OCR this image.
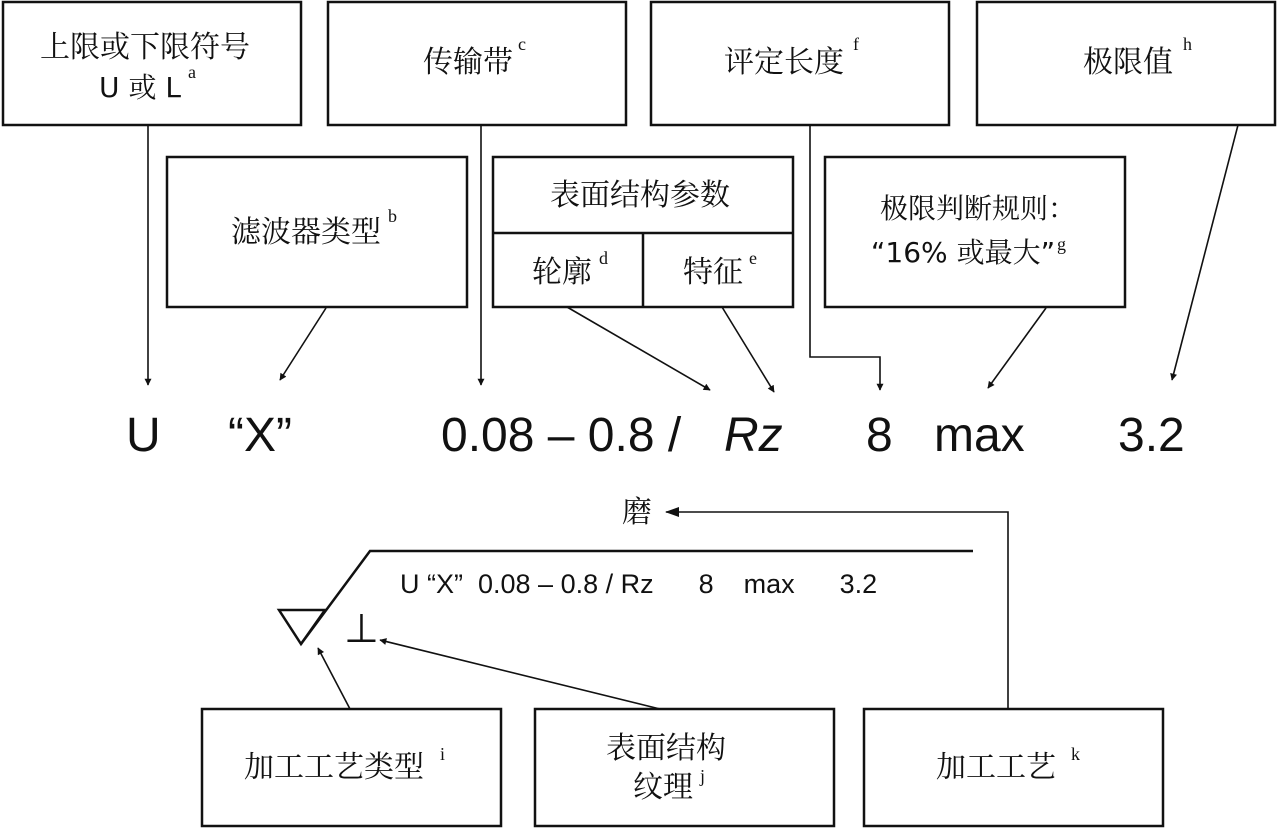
上限或下限符号
U 或 L a	传输带
c
评定长度
f
极限值
h
滤波器类型 b
表面结构参数
轮廓 d	特征 e
极限判断规则：
“16% 或最大” g
U “X”	0.08 – 0.8 / Rz 8 max 3.2
U “X”  0.08 – 0.8 / Rz      8    max      3.2
⊥
磨
加工工艺类型 i	表面结构
纹理 j	加工工艺 k
